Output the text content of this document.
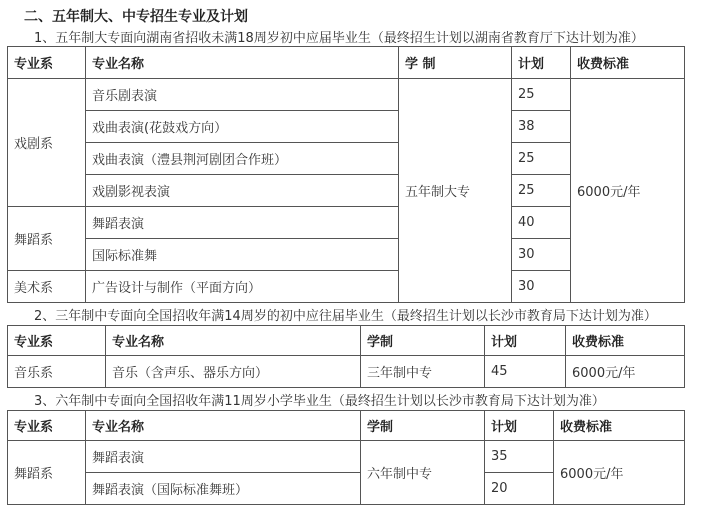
二、五年制大、中专招生专业及计划
1、五年制大专面向湖南省招收未满18周岁初中应届毕业生（最终招生计划以湖南省教育厅下达计划为准）
专业系	专业名称	学 制	计划	收费标准
戏剧系	音乐剧表演	五年制大专	25	6000元/年
	戏曲表演(花鼓戏方向）		38	
	戏曲表演（澧县荆河剧团合作班）		25	
	戏剧影视表演		25	
舞蹈系	舞蹈表演		40	
	国际标准舞		30	
美术系	广告设计与制作（平面方向）		30	
2、三年制中专面向全国招收年满14周岁的初中应往届毕业生（最终招生计划以长沙市教育局下达计划为准）
专业系	专业名称	学制	计划	收费标准
音乐系	音乐（含声乐、器乐方向）	三年制中专	45	6000元/年
3、六年制中专面向全国招收年满11周岁小学毕业生（最终招生计划以长沙市教育局下达计划为准）
专业系	专业名称	学制	计划	收费标准
舞蹈系	舞蹈表演	六年制中专	35	6000元/年
	舞蹈表演（国际标准舞班）		20	
